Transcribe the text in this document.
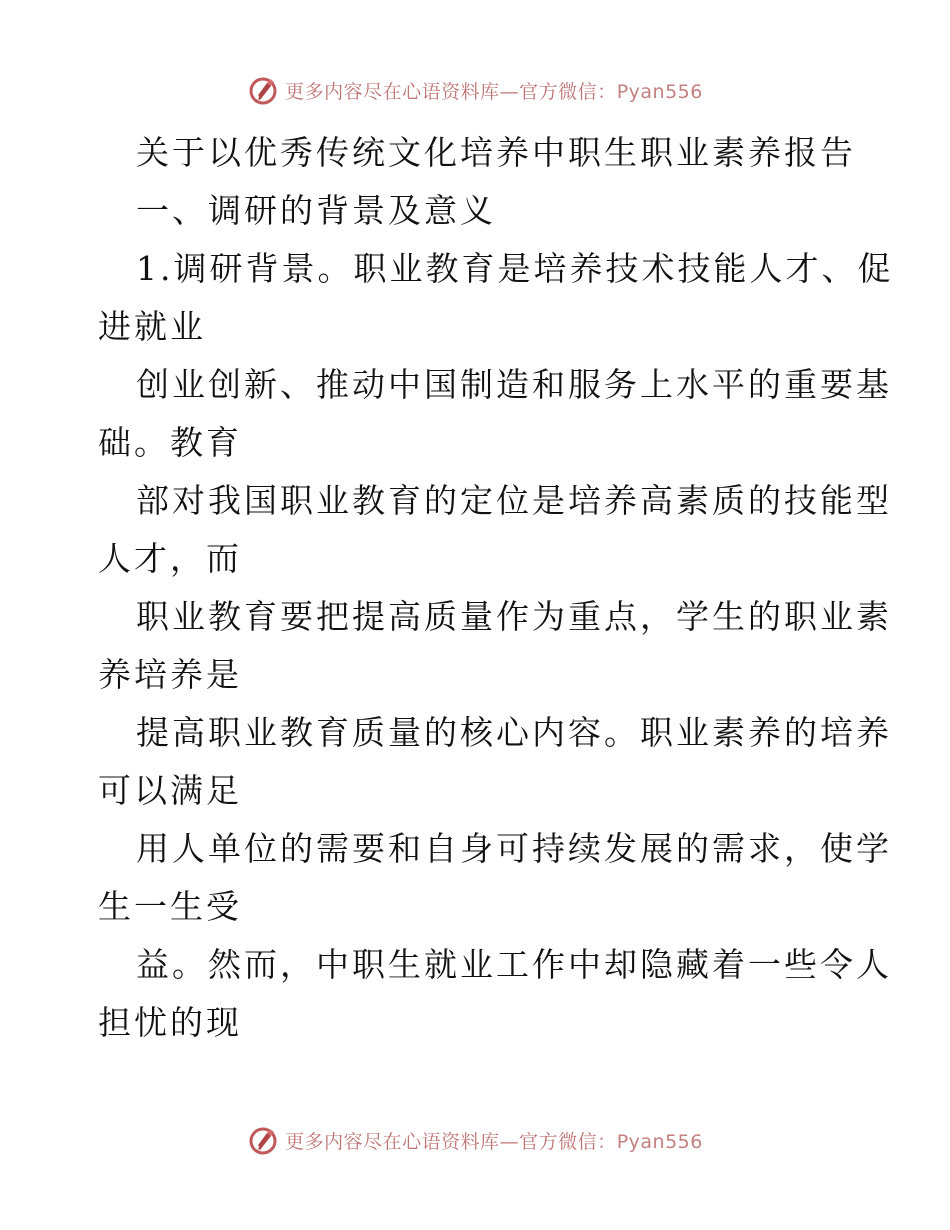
更多内容尽在心语资料库—官方微信：Pyan556
关于以优秀传统文化培养中职生职业素养报告
一、调研的背景及意义
1.调研背景。职业教育是培养技术技能人才、促
进就业
创业创新、推动中国制造和服务上水平的重要基
础。教育
部对我国职业教育的定位是培养高素质的技能型
人才，而
职业教育要把提高质量作为重点，学生的职业素
养培养是
提高职业教育质量的核心内容。职业素养的培养
可以满足
用人单位的需要和自身可持续发展的需求，使学
生一生受
益。然而，中职生就业工作中却隐藏着一些令人
担忧的现
更多内容尽在心语资料库—官方微信：Pyan556
